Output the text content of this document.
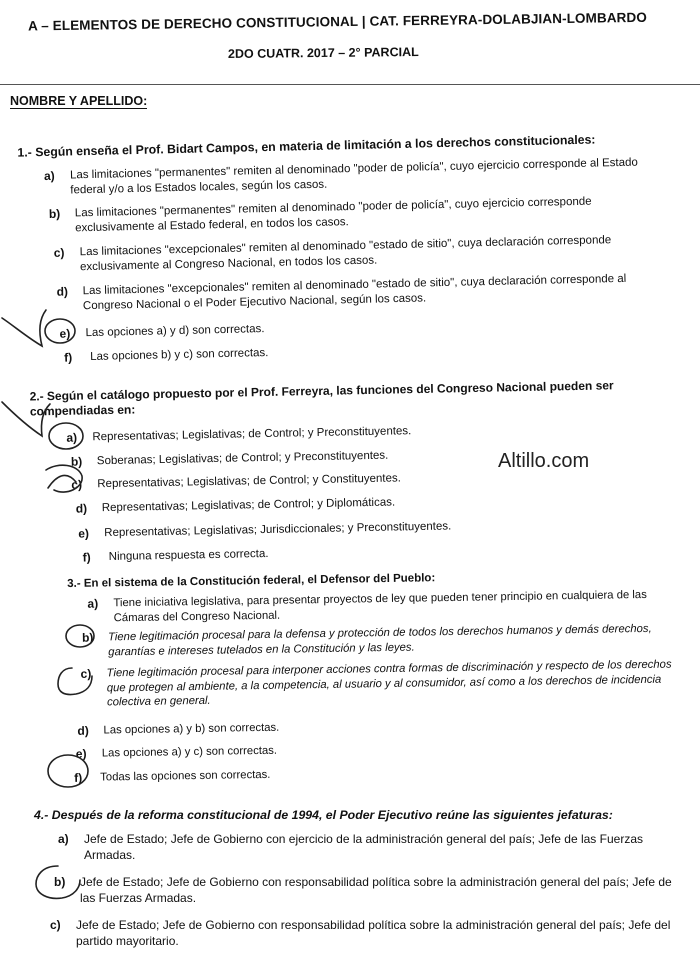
A – ELEMENTOS DE DERECHO CONSTITUCIONAL | CAT. FERREYRA-DOLABJIAN-LOMBARDO
2DO CUATR. 2017 – 2° PARCIAL
NOMBRE Y APELLIDO:
1.- Según enseña el Prof. Bidart Campos, en materia de limitación a los derechos constitucionales:
a) Las limitaciones "permanentes" remiten al denominado "poder de policía", cuyo ejercicio corresponde al Estado federal y/o a los Estados locales, según los casos.
b) Las limitaciones "permanentes" remiten al denominado "poder de policía", cuyo ejercicio corresponde exclusivamente al Estado federal, en todos los casos.
c) Las limitaciones "excepcionales" remiten al denominado "estado de sitio", cuya declaración corresponde exclusivamente al Congreso Nacional, en todos los casos.
d) Las limitaciones "excepcionales" remiten al denominado "estado de sitio", cuya declaración corresponde al Congreso Nacional o el Poder Ejecutivo Nacional, según los casos.
e) Las opciones a) y d) son correctas.
f) Las opciones b) y c) son correctas.
2.- Según el catálogo propuesto por el Prof. Ferreyra, las funciones del Congreso Nacional pueden ser compendiadas en:
a) Representativas; Legislativas; de Control; y Preconstituyentes.
b) Soberanas; Legislativas; de Control; y Preconstituyentes.
c) Representativas; Legislativas; de Control; y Constituyentes.
d) Representativas; Legislativas; de Control; y Diplomáticas.
e) Representativas; Legislativas; Jurisdiccionales; y Preconstituyentes.
f) Ninguna respuesta es correcta.
3.- En el sistema de la Constitución federal, el Defensor del Pueblo:
a) Tiene iniciativa legislativa, para presentar proyectos de ley que pueden tener principio en cualquiera de las Cámaras del Congreso Nacional.
b) Tiene legitimación procesal para la defensa y protección de todos los derechos humanos y demás derechos, garantías e intereses tutelados en la Constitución y las leyes.
c) Tiene legitimación procesal para interponer acciones contra formas de discriminación y respecto de los derechos que protegen al ambiente, a la competencia, al usuario y al consumidor, así como a los derechos de incidencia colectiva en general.
d) Las opciones a) y b) son correctas.
e) Las opciones a) y c) son correctas.
f) Todas las opciones son correctas.
4.- Después de la reforma constitucional de 1994, el Poder Ejecutivo reúne las siguientes jefaturas:
a) Jefe de Estado; Jefe de Gobierno con ejercicio de la administración general del país; Jefe de las Fuerzas Armadas.
b) Jefe de Estado; Jefe de Gobierno con responsabilidad política sobre la administración general del país; Jefe de las Fuerzas Armadas.
c) Jefe de Estado; Jefe de Gobierno con responsabilidad política sobre la administración general del país; Jefe del partido mayoritario.
Altillo.com
